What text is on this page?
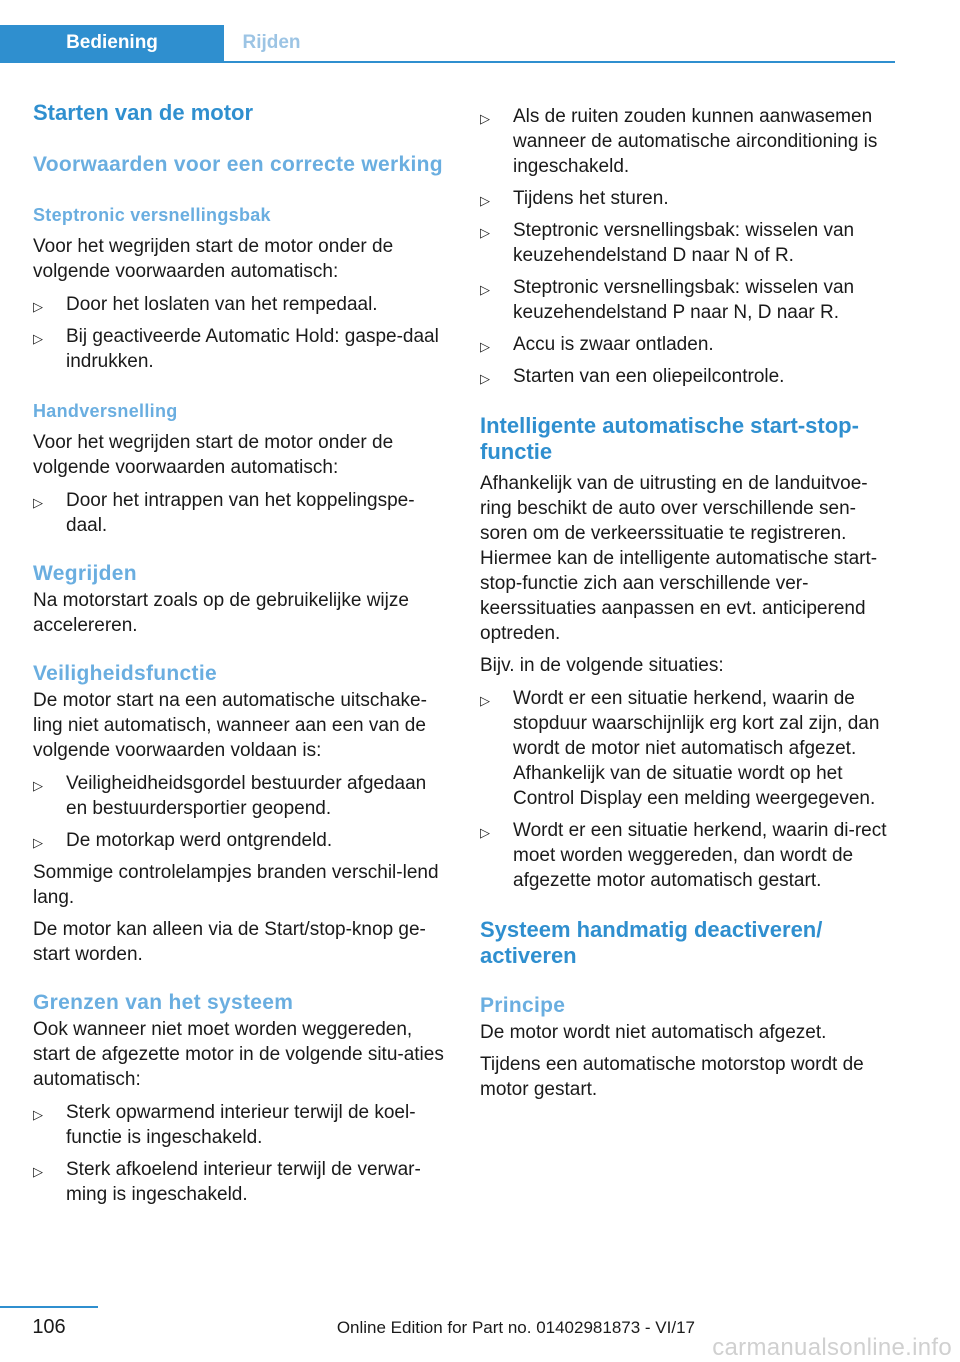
Bediening	Rijden
Starten van de motor
Voorwaarden voor een correcte werking
Steptronic versnellingsbak

Voor het wegrijden start de motor onder de volgende voorwaarden automatisch:

▷ Door het loslaten van het rempedaal.
▷ Bij geactiveerde Automatic Hold: gaspe-daal indrukken.
Handversnelling

Voor het wegrijden start de motor onder de volgende voorwaarden automatisch:

▷ Door het intrappen van het koppelingspe-daal.
Wegrijden

Na motorstart zoals op de gebruikelijke wijze accelereren.

Veiligheidsfunctie

De motor start na een automatische uitschake-ling niet automatisch, wanneer aan een van de volgende voorwaarden voldaan is:

▷ Veiligheidheidsgordel bestuurder afgedaan en bestuurdersportier geopend.
▷ De motorkap werd ontgrendeld.

Sommige controlelampjes branden verschil-lend lang.

De motor kan alleen via de Start/stop-knop ge-start worden.

Grenzen van het systeem

Ook wanneer niet moet worden weggereden, start de afgezette motor in de volgende situ-aties automatisch:

▷ Sterk opwarmend interieur terwijl de koel-functie is ingeschakeld.
▷ Sterk afkoelend interieur terwijl de verwar-ming is ingeschakeld.
▷ Als de ruiten zouden kunnen aanwasemen wanneer de automatische airconditioning is ingeschakeld.
▷ Tijdens het sturen.
▷ Steptronic versnellingsbak: wisselen van keuzehendelstand D naar N of R.
▷ Steptronic versnellingsbak: wisselen van keuzehendelstand P naar N, D naar R.
▷ Accu is zwaar ontladen.
▷ Starten van een oliepeilcontrole.
Intelligente automatische start-stop-functie

Afhankelijk van de uitrusting en de landuitvoe-ring beschikt de auto over verschillende sen-soren om de verkeerssituatie te registreren. Hiermee kan de intelligente automatische start-stop-functie zich aan verschillende ver-keerssituaties aanpassen en evt. anticiperend optreden.

Bijv. in de volgende situaties:

▷ Wordt er een situatie herkend, waarin de stopduur waarschijnlijk erg kort zal zijn, dan wordt de motor niet automatisch afgezet. Afhankelijk van de situatie wordt op het Control Display een melding weergegeven.
▷ Wordt er een situatie herkend, waarin di-rect moet worden weggereden, dan wordt de afgezette motor automatisch gestart.
Systeem handmatig deactiveren/ activeren
Principe

De motor wordt niet automatisch afgezet.

Tijdens een automatische motorstop wordt de motor gestart.

106	Online Edition for Part no. 01402981873 - VI/17
carmanualsonline.info
